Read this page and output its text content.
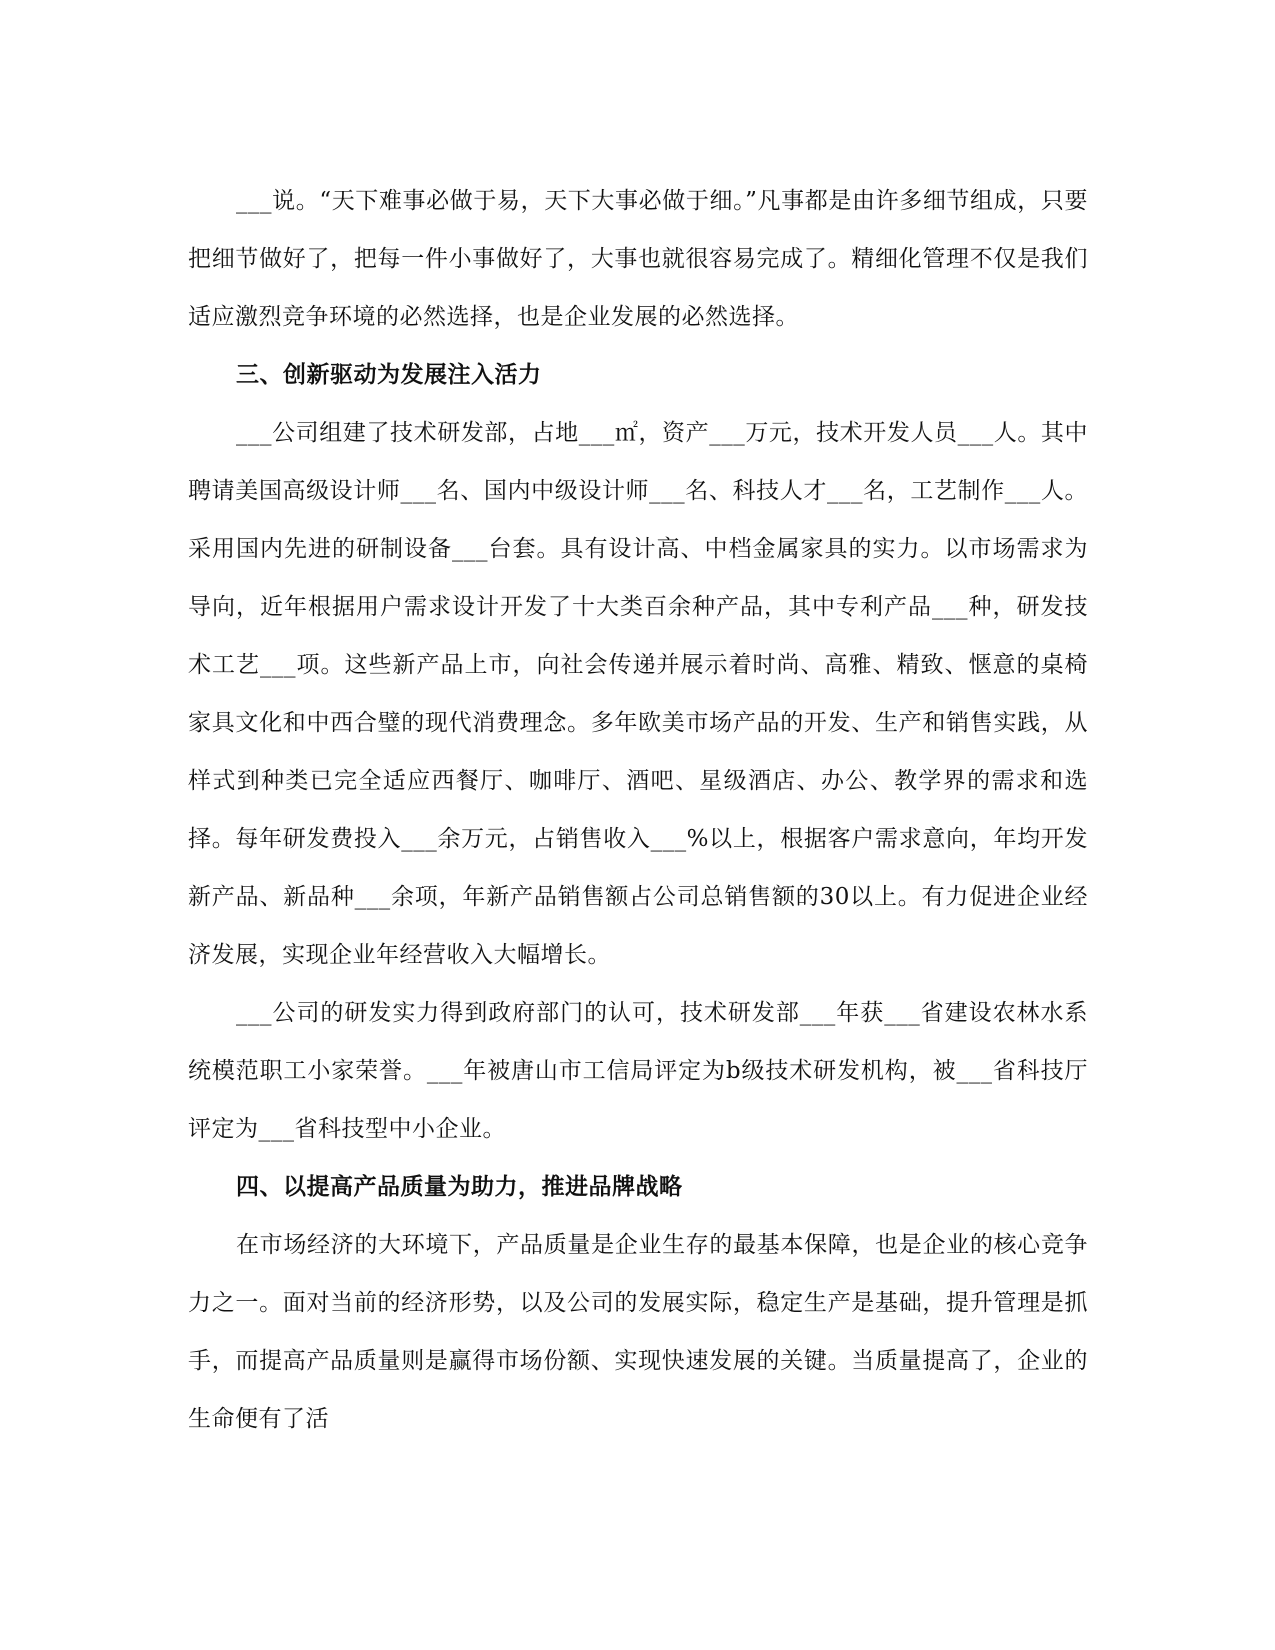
___说。“天下难事必做于易，天下大事必做于细。”凡事都是由许多细节组成，只要把细节做好了，把每一件小事做好了，大事也就很容易完成了。精细化管理不仅是我们适应激烈竞争环境的必然选择，也是企业发展的必然选择。

三、创新驱动为发展注入活力

___公司组建了技术研发部，占地___㎡，资产___万元，技术开发人员___人。其中聘请美国高级设计师___名、国内中级设计师___名、科技人才___名，工艺制作___人。采用国内先进的研制设备___台套。具有设计高、中档金属家具的实力。以市场需求为导向，近年根据用户需求设计开发了十大类百余种产品，其中专利产品___种，研发技术工艺___项。这些新产品上市，向社会传递并展示着时尚、高雅、精致、惬意的桌椅家具文化和中西合璧的现代消费理念。多年欧美市场产品的开发、生产和销售实践，从样式到种类已完全适应西餐厅、咖啡厅、酒吧、星级酒店、办公、教学界的需求和选择。每年研发费投入___余万元，占销售收入___%以上，根据客户需求意向，年均开发新产品、新品种___余项，年新产品销售额占公司总销售额的30以上。有力促进企业经济发展，实现企业年经营收入大幅增长。

___公司的研发实力得到政府部门的认可，技术研发部___年获___省建设农林水系统模范职工小家荣誉。___年被唐山市工信局评定为b级技术研发机构，被___省科技厅评定为___省科技型中小企业。

四、以提高产品质量为助力，推进品牌战略

在市场经济的大环境下，产品质量是企业生存的最基本保障，也是企业的核心竞争力之一。面对当前的经济形势，以及公司的发展实际，稳定生产是基础，提升管理是抓手，而提高产品质量则是赢得市场份额、实现快速发展的关键。当质量提高了，企业的生命便有了活
